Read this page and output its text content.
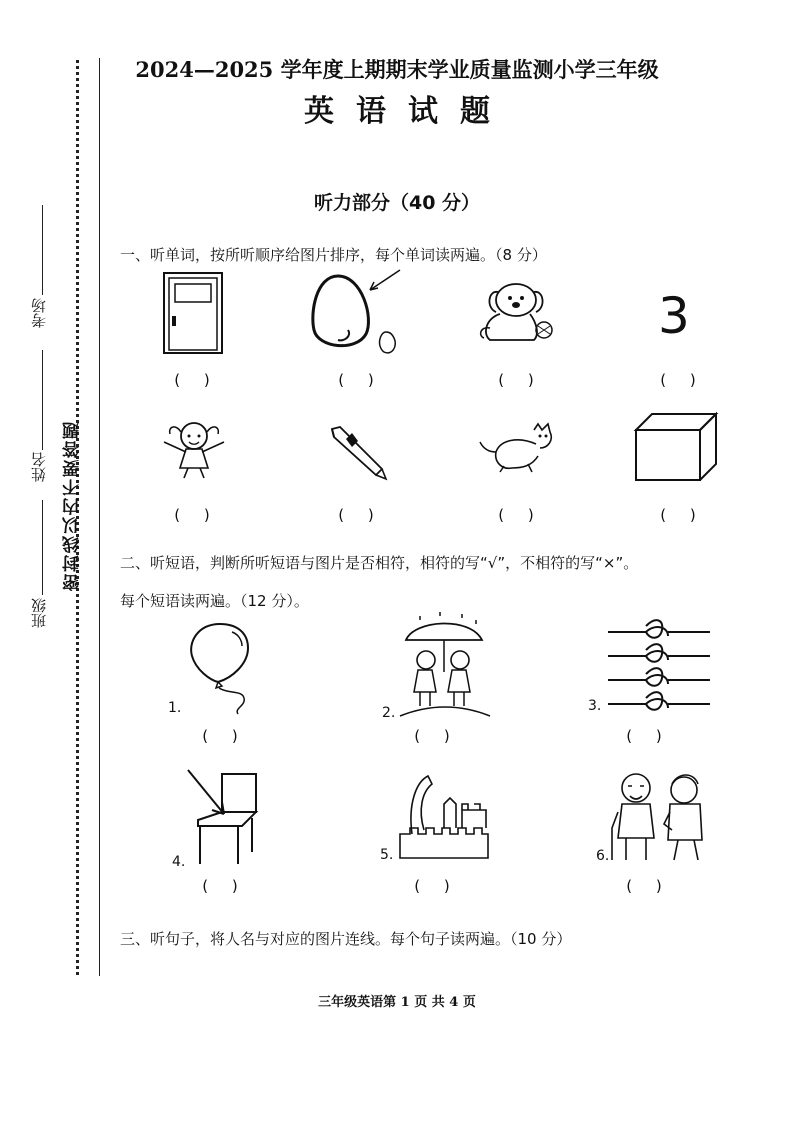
密封线以内不要答题
考场
姓名
班级
2024—2025 学年度上期期末学业质量监测小学三年级
英语试题
听力部分（40 分）
一、听单词，按所听顺序给图片排序，每个单词读两遍。（8 分）
3
(     )	(     )	(     )	(     )
(     )	(     )	(     )	(     )
二、听短语，判断所听短语与图片是否相符，相符的写“√”，不相符的写“×”。
每个短语读两遍。（12 分）。
1.
(     )
2.
(     )
3.
(     )
4.
(     )
5.
(     )
6.
(     )
三、听句子，将人名与对应的图片连线。每个句子读两遍。（10 分）
三年级英语第 1 页 共 4 页
